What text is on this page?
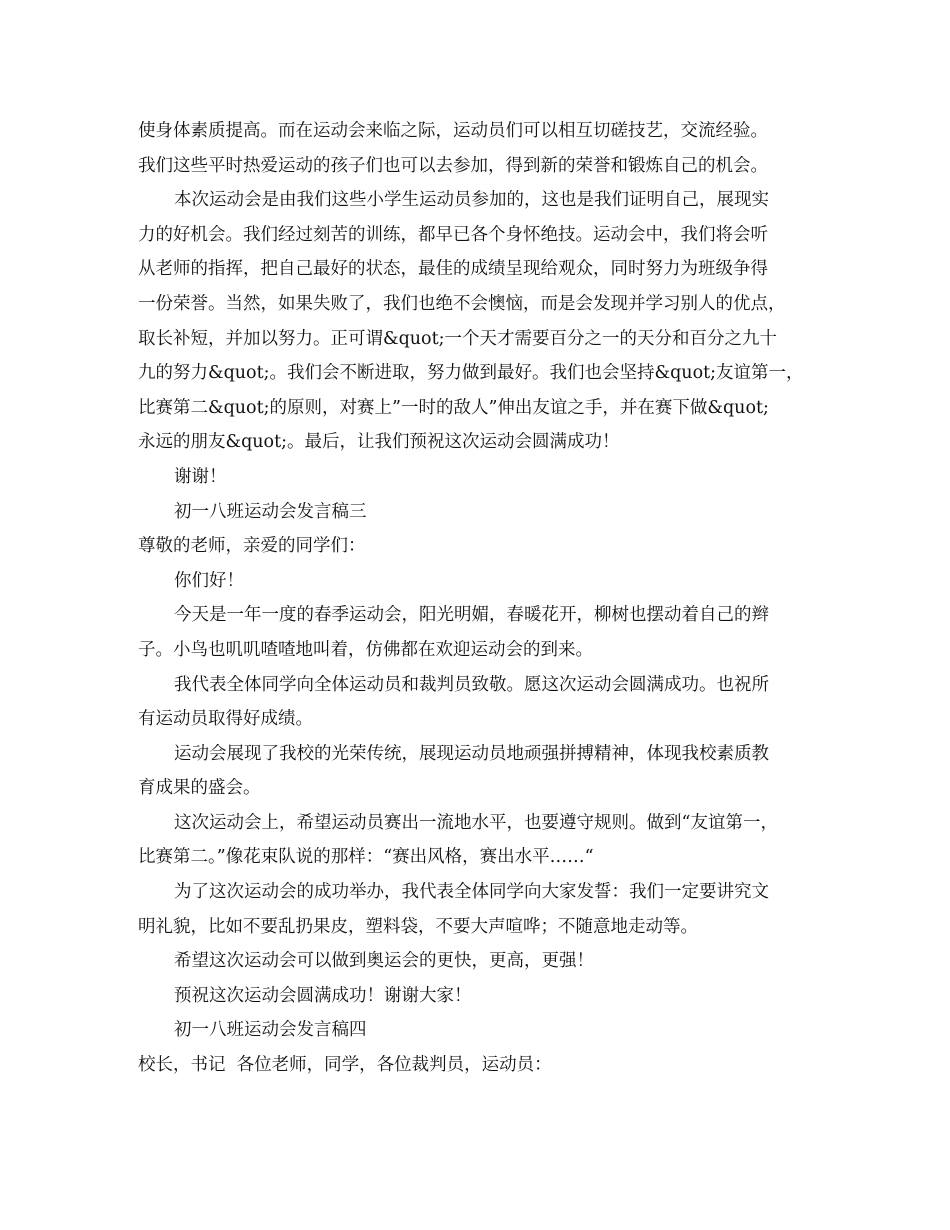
使身体素质提高。而在运动会来临之际，运动员们可以相互切磋技艺，交流经验。
我们这些平时热爱运动的孩子们也可以去参加，得到新的荣誉和锻炼自己的机会。
本次运动会是由我们这些小学生运动员参加的，这也是我们证明自己，展现实
力的好机会。我们经过刻苦的训练，都早已各个身怀绝技。运动会中，我们将会听
从老师的指挥，把自己最好的状态，最佳的成绩呈现给观众，同时努力为班级争得
一份荣誉。当然，如果失败了，我们也绝不会懊恼，而是会发现并学习别人的优点，
取长补短，并加以努力。正可谓&quot;一个天才需要百分之一的天分和百分之九十
九的努力&quot;。我们会不断进取，努力做到最好。我们也会坚持&quot;友谊第一，
比赛第二&quot;的原则，对赛上”一时的敌人”伸出友谊之手，并在赛下做&quot;
永远的朋友&quot;。最后，让我们预祝这次运动会圆满成功！
谢谢！
初一八班运动会发言稿三
尊敬的老师，亲爱的同学们：
你们好！
今天是一年一度的春季运动会，阳光明媚，春暖花开，柳树也摆动着自己的辫
子。小鸟也叽叽喳喳地叫着，仿佛都在欢迎运动会的到来。
我代表全体同学向全体运动员和裁判员致敬。愿这次运动会圆满成功。也祝所
有运动员取得好成绩。
运动会展现了我校的光荣传统，展现运动员地顽强拼搏精神，体现我校素质教
育成果的盛会。
这次运动会上，希望运动员赛出一流地水平，也要遵守规则。做到“友谊第一，
比赛第二。”像花束队说的那样：“赛出风格，赛出水平……“
为了这次运动会的成功举办，我代表全体同学向大家发誓：我们一定要讲究文
明礼貌，比如不要乱扔果皮，塑料袋，不要大声喧哗；不随意地走动等。
希望这次运动会可以做到奥运会的更快，更高，更强！
预祝这次运动会圆满成功！谢谢大家！
初一八班运动会发言稿四
校长，书记  各位老师，同学，各位裁判员，运动员：
